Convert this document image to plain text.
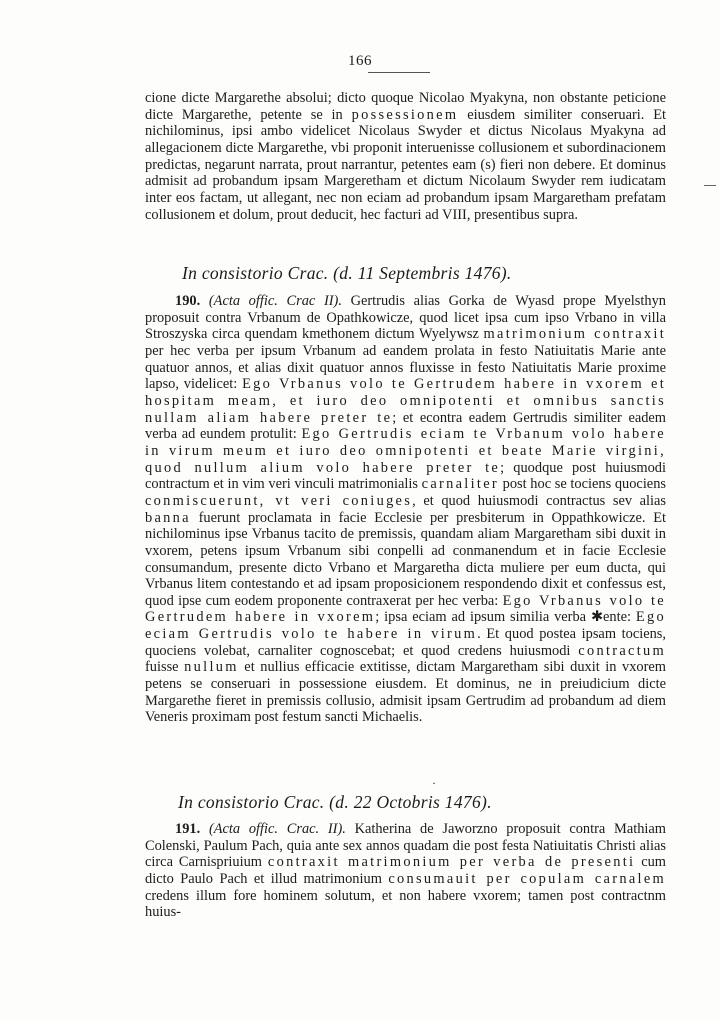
166

cione dicte Margarethe absolui; dicto quoque Nicolao Myakyna, non obstante peticione dicte Margarethe, petente se in possessionem eiusdem similiter conseruari. Et nichilominus, ipsi ambo videlicet Nicolaus Swyder et dictus Nicolaus Myakyna ad allegacionem dicte Margarethe, vbi proponit interuenisse collusionem et subordinacionem predictas, negarunt narrata, prout narrantur, petentes eam (s) fieri non debere. Et dominus admisit ad probandum ipsam Margeretham et dictum Nicolaum Swyder rem iudicatam inter eos factam, ut allegant, nec non eciam ad probandum ipsam Margaretham prefatam collusionem et dolum, prout deducit, hec facturi ad VIII, presentibus supra.

In consistorio Crac. (d. 11 Septembris 1476).

190. (Acta offic. Crac II). Gertrudis alias Gorka de Wyasd prope Myelsthyn proposuit contra Vrbanum de Opathkowicze, quod licet ipsa cum ipso Vrbano in villa Stroszyska circa quendam kmethonem dictum Wyelywsz matrimonium contraxit per hec verba per ipsum Vrbanum ad eandem prolata in festo Natiuitatis Marie ante quatuor annos, et alias dixit quatuor annos fluxisse in festo Natiuitatis Marie proxime lapso, videlicet: Ego Vrbanus volo te Gertrudem habere in vxorem et hospitam meam, et iuro deo omnipotenti et omnibus sanctis nullam aliam habere preter te; et econtra eadem Gertrudis similiter eadem verba ad eundem protulit: Ego Gertrudis eciam te Vrbanum volo habere in virum meum et iuro deo omnipotenti et beate Marie virgini, quod nullum alium volo habere preter te; quodque post huiusmodi contractum et in vim veri vinculi matrimonialis carnaliter post hoc se tociens quociens conmiscuerunt, vt veri coniuges, et quod huiusmodi contractus sev alias banna fuerunt proclamata in facie Ecclesie per presbiterum in Oppathkowicze. Et nichilominus ipse Vrbanus tacito de premissis, quandam aliam Margaretham sibi duxit in vxorem, petens ipsum Vrbanum sibi conpelli ad conmanendum et in facie Ecclesie consumandum, presente dicto Vrbano et Margaretha dicta muliere per eum ducta, qui Vrbanus litem contestando et ad ipsam proposicionem respondendo dixit et confessus est, quod ipse cum eodem proponente contraxerat per hec verba: Ego Vrbanus volo te Gertrudem habere in vxorem; ipsa eciam ad ipsum similia verba ✱ente: Ego eciam Gertrudis volo te habere in virum. Et quod postea ipsam tociens, quociens volebat, carnaliter cognoscebat; et quod credens huiusmodi contractum fuisse nullum et nullius efficacie extitisse, dictam Margaretham sibi duxit in vxorem petens se conseruari in possessione eiusdem. Et dominus, ne in preiudicium dicte Margarethe fieret in premissis collusio, admisit ipsam Gertrudim ad probandum ad diem Veneris proximam post festum sancti Michaelis.

·
In consistorio Crac. (d. 22 Octobris 1476).

191. (Acta offic. Crac. II). Katherina de Jaworzno proposuit contra Mathiam Colenski, Paulum Pach, quia ante sex annos quadam die post festa Natiuitatis Christi alias circa Carnispriuium contraxit matrimonium per verba de presenti cum dicto Paulo Pach et illud matrimonium consumauit per copulam carnalem credens illum fore hominem solutum, et non habere vxorem; tamen post contractnm huius-
